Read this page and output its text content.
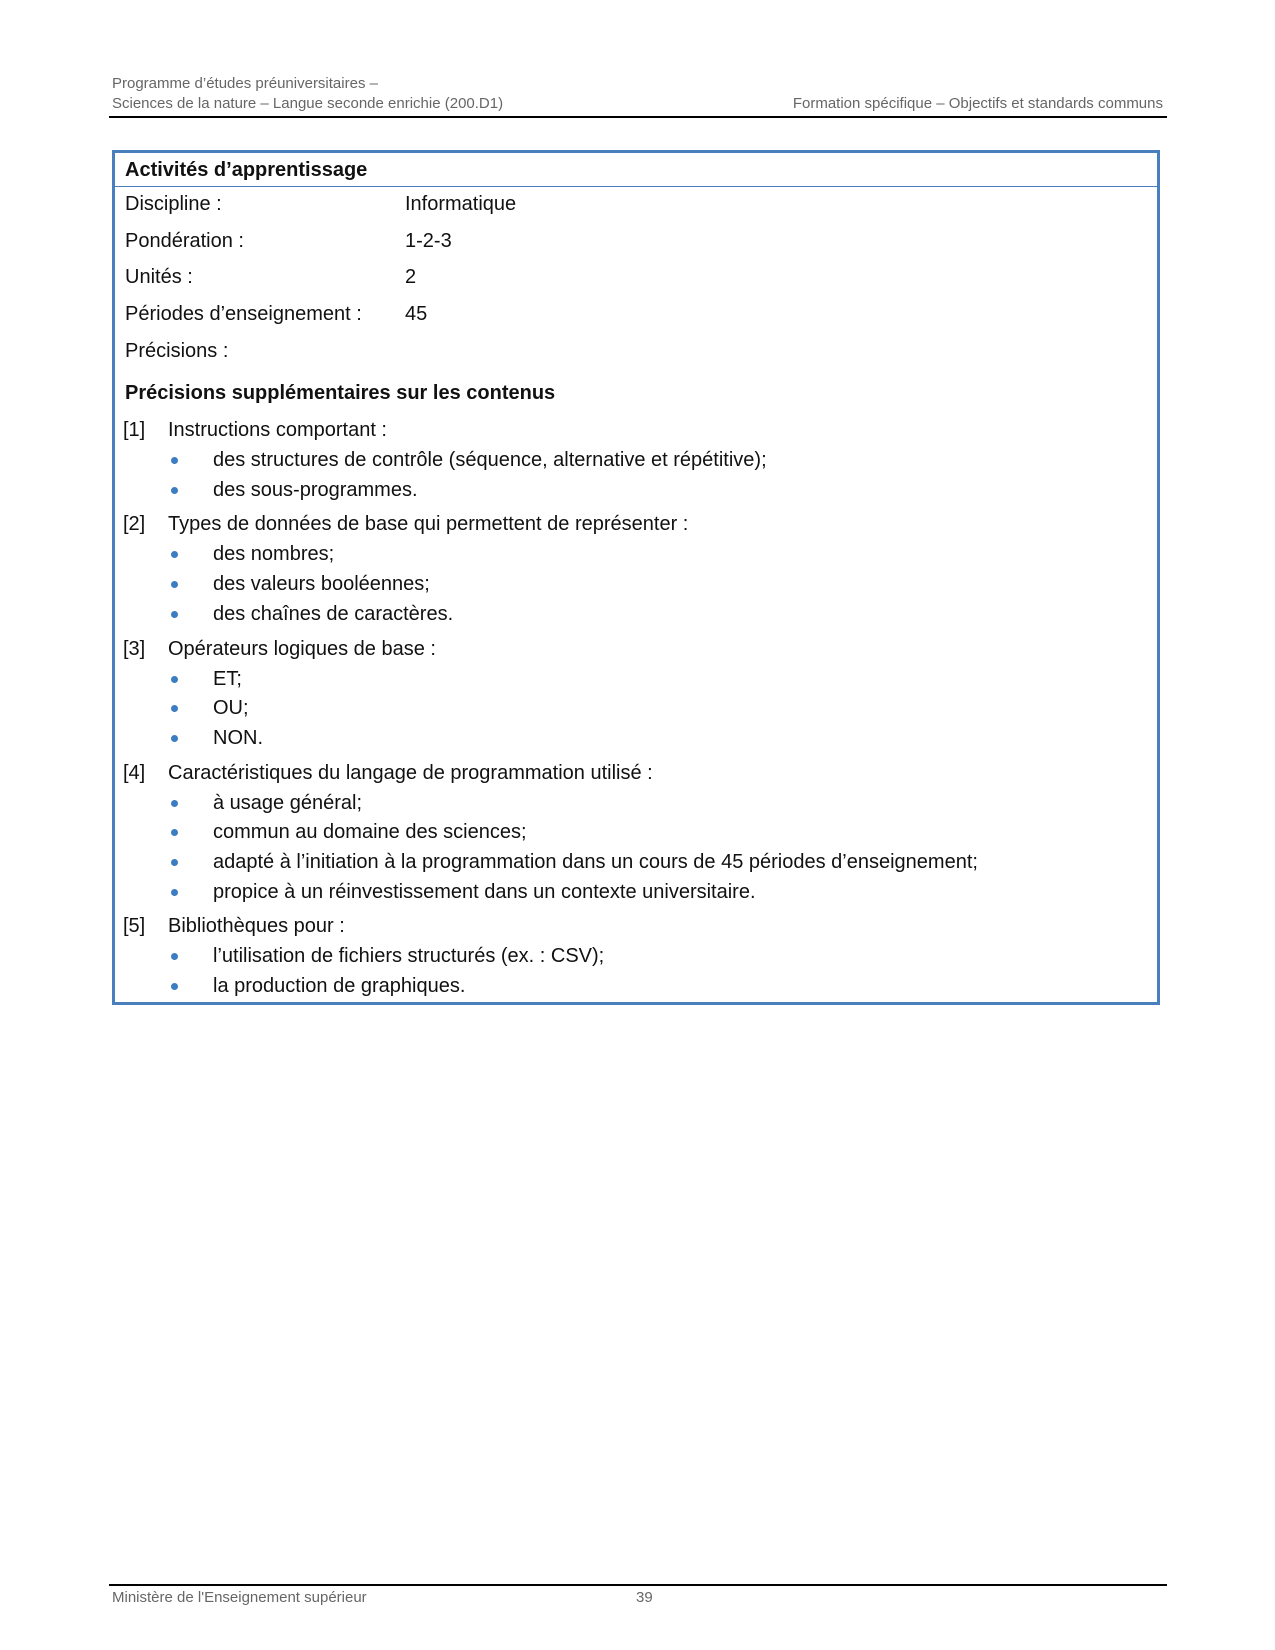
Programme d’études préuniversitaires –
Sciences de la nature – Langue seconde enrichie (200.D1)	Formation spécifique – Objectifs et standards communs
Activités d’apprentissage
Discipline :	Informatique
Pondération :	1-2-3
Unités :	2
Périodes d’enseignement : 45
Précisions :
Précisions supplémentaires sur les contenus
[1] Instructions comportant :
des structures de contrôle (séquence, alternative et répétitive);
des sous-programmes.
[2] Types de données de base qui permettent de représenter :
des nombres;
des valeurs booléennes;
des chaînes de caractères.
[3] Opérateurs logiques de base :
ET;
OU;
NON.
[4] Caractéristiques du langage de programmation utilisé :
à usage général;
commun au domaine des sciences;
adapté à l’initiation à la programmation dans un cours de 45 périodes d’enseignement;
propice à un réinvestissement dans un contexte universitaire.
[5] Bibliothèques pour :
l’utilisation de fichiers structurés (ex. : CSV);
la production de graphiques.
Ministère de l'Enseignement supérieur	39
